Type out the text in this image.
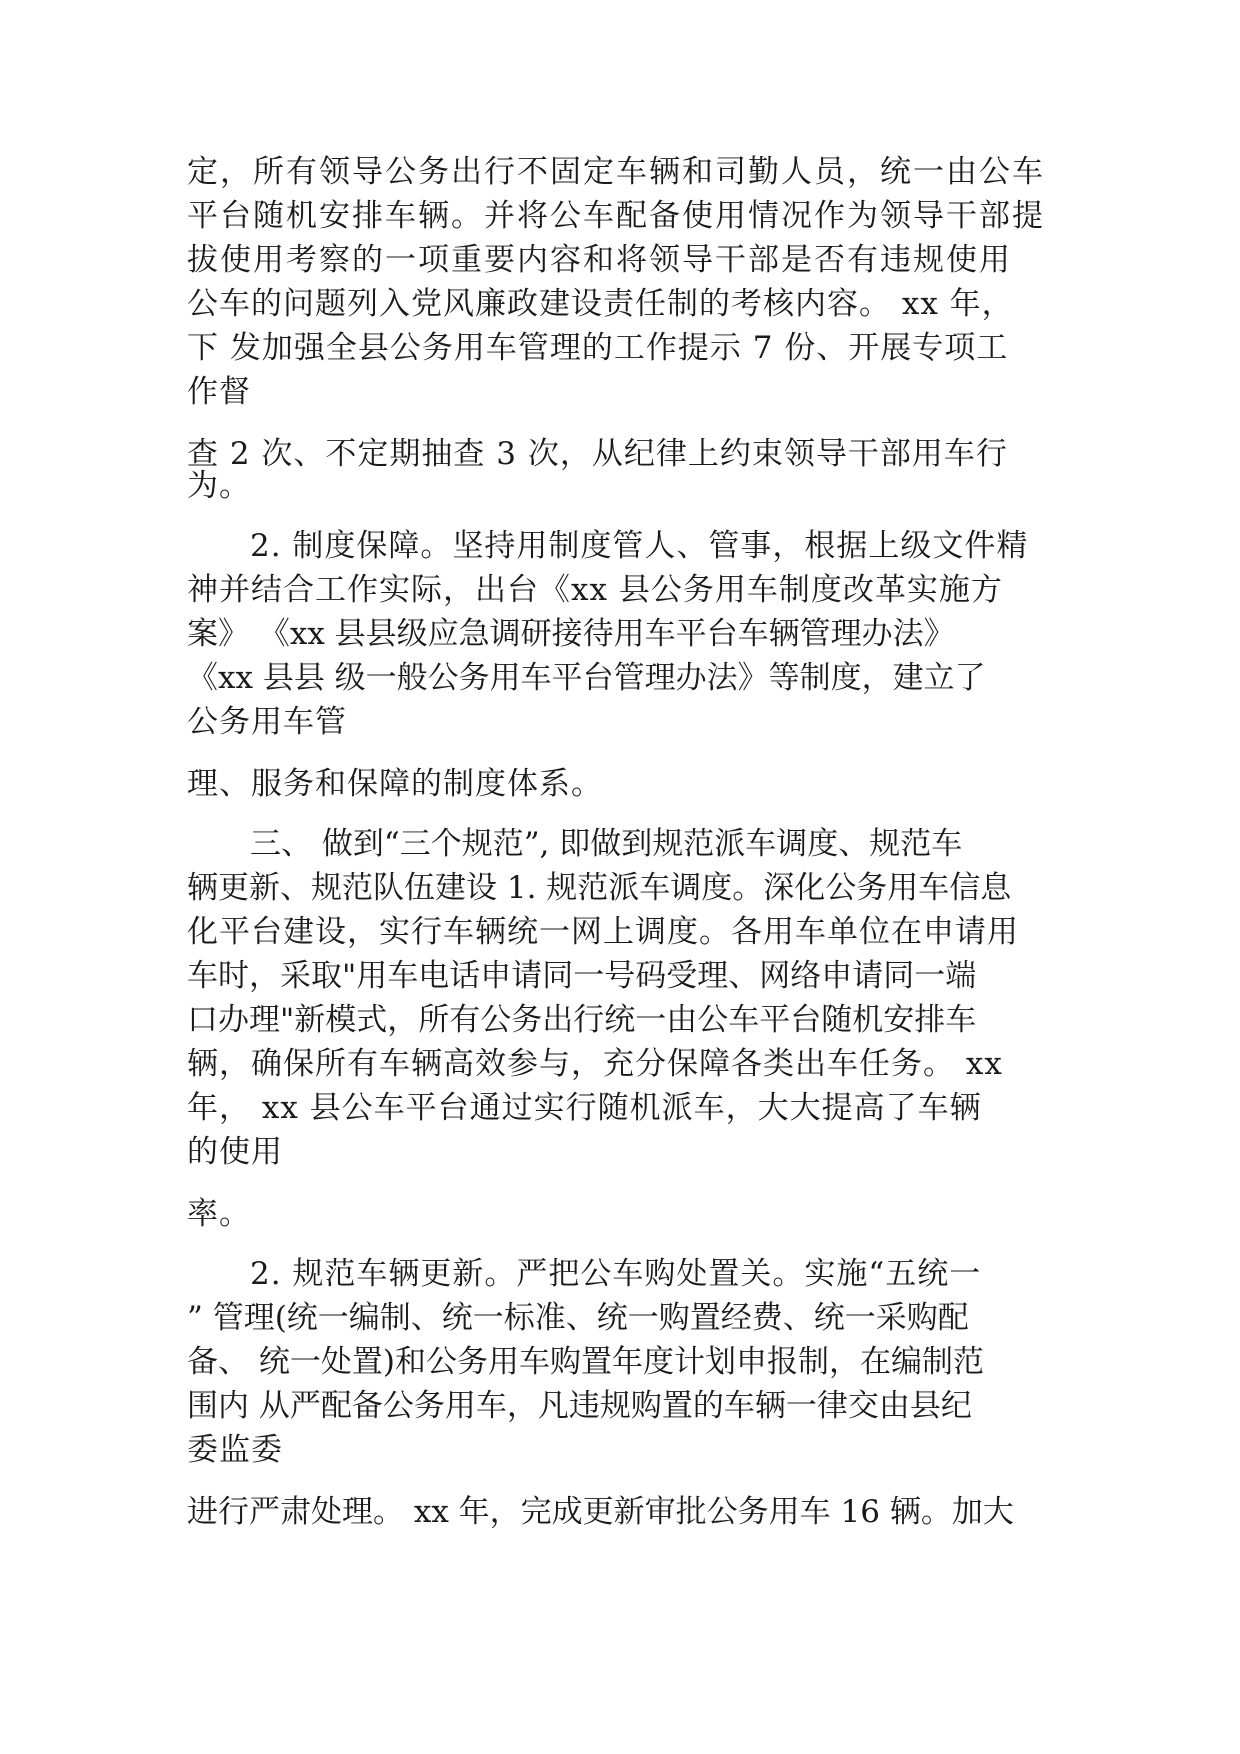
定，所有领导公务出行不固定车辆和司勤人员，统一由公车
平台随机安排车辆。并将公车配备使用情况作为领导干部提
拔使用考察的一项重要内容和将领导干部是否有违规使用
公车的问题列入党风廉政建设责任制的考核内容。 xx 年，
下 发加强全县公务用车管理的工作提示 7 份、开展专项工
作督
查 2 次、不定期抽查 3 次，从纪律上约束领导干部用车行
为。
2. 制度保障。坚持用制度管人、管事，根据上级文件精
神并结合工作实际，出台《xx 县公务用车制度改革实施方
案》 《xx 县县级应急调研接待用车平台车辆管理办法》
《xx 县县 级一般公务用车平台管理办法》等制度，建立了
公务用车管
理、服务和保障的制度体系。
三、 做到“三个规范”, 即做到规范派车调度、规范车
辆更新、规范队伍建设 1. 规范派车调度。深化公务用车信息
化平台建设，实行车辆统一网上调度。各用车单位在申请用
车时，采取"用车电话申请同一号码受理、网络申请同一端
口办理"新模式，所有公务出行统一由公车平台随机安排车
辆，确保所有车辆高效参与，充分保障各类出车任务。 xx
年， xx 县公车平台通过实行随机派车，大大提高了车辆
的使用
率。
2. 规范车辆更新。严把公车购处置关。实施“五统一
” 管理(统一编制、统一标准、统一购置经费、统一采购配
备、 统一处置)和公务用车购置年度计划申报制，在编制范
围内 从严配备公务用车，凡违规购置的车辆一律交由县纪
委监委
进行严肃处理。 xx 年，完成更新审批公务用车 16 辆。加大
